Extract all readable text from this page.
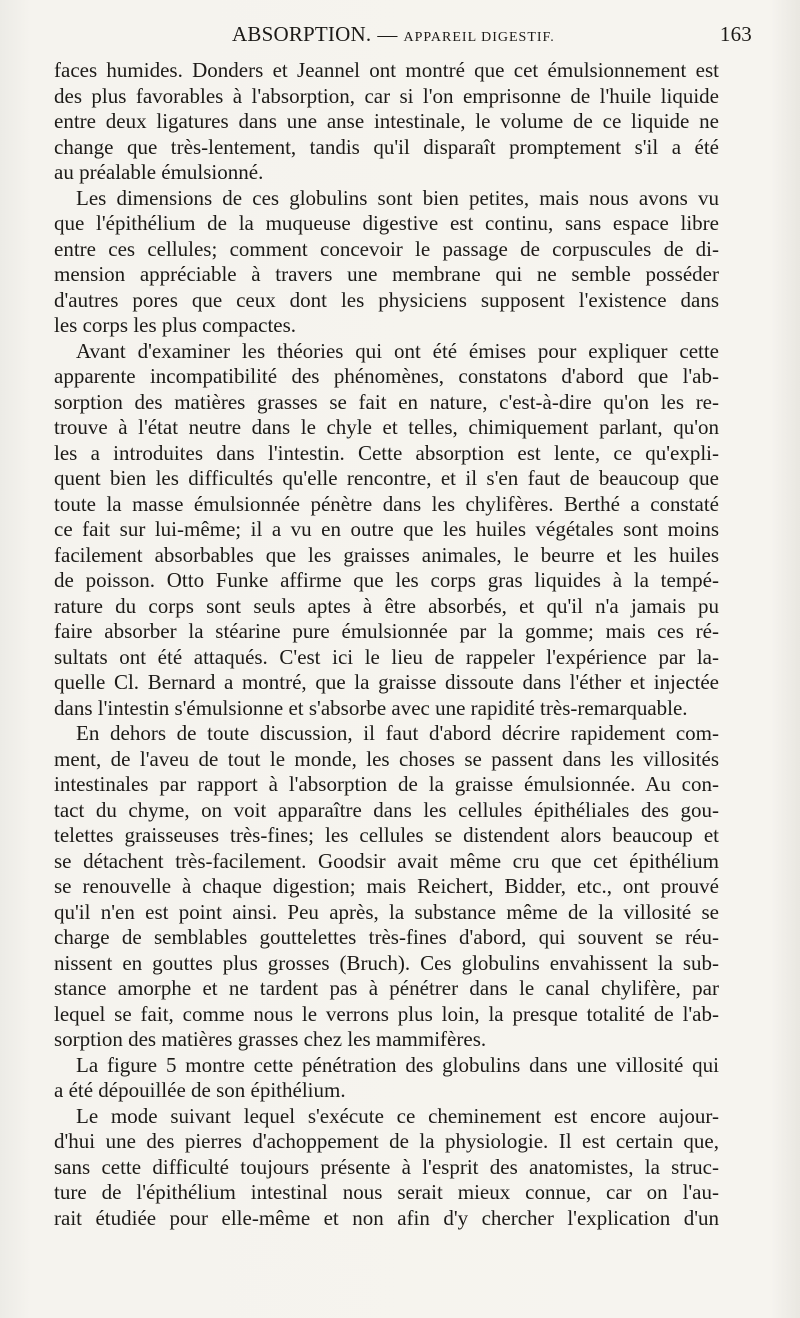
ABSORPTION. — APPAREIL DIGESTIF.	163
faces humides. Donders et Jeannel ont montré que cet émulsionnement est
des plus favorables à l'absorption, car si l'on emprisonne de l'huile liquide
entre deux ligatures dans une anse intestinale, le volume de ce liquide ne
change que très-lentement, tandis qu'il disparaît promptement s'il a été
au préalable émulsionné.
Les dimensions de ces globulins sont bien petites, mais nous avons vu
que l'épithélium de la muqueuse digestive est continu, sans espace libre
entre ces cellules; comment concevoir le passage de corpuscules de di-
mension appréciable à travers une membrane qui ne semble posséder
d'autres pores que ceux dont les physiciens supposent l'existence dans
les corps les plus compactes.
Avant d'examiner les théories qui ont été émises pour expliquer cette
apparente incompatibilité des phénomènes, constatons d'abord que l'ab-
sorption des matières grasses se fait en nature, c'est-à-dire qu'on les re-
trouve à l'état neutre dans le chyle et telles, chimiquement parlant, qu'on
les a introduites dans l'intestin. Cette absorption est lente, ce qu'expli-
quent bien les difficultés qu'elle rencontre, et il s'en faut de beaucoup que
toute la masse émulsionnée pénètre dans les chylifères. Berthé a constaté
ce fait sur lui-même; il a vu en outre que les huiles végétales sont moins
facilement absorbables que les graisses animales, le beurre et les huiles
de poisson. Otto Funke affirme que les corps gras liquides à la tempé-
rature du corps sont seuls aptes à être absorbés, et qu'il n'a jamais pu
faire absorber la stéarine pure émulsionnée par la gomme; mais ces ré-
sultats ont été attaqués. C'est ici le lieu de rappeler l'expérience par la-
quelle Cl. Bernard a montré, que la graisse dissoute dans l'éther et injectée
dans l'intestin s'émulsionne et s'absorbe avec une rapidité très-remarquable.
En dehors de toute discussion, il faut d'abord décrire rapidement com-
ment, de l'aveu de tout le monde, les choses se passent dans les villosités
intestinales par rapport à l'absorption de la graisse émulsionnée. Au con-
tact du chyme, on voit apparaître dans les cellules épithéliales des gou-
telettes graisseuses très-fines; les cellules se distendent alors beaucoup et
se détachent très-facilement. Goodsir avait même cru que cet épithélium
se renouvelle à chaque digestion; mais Reichert, Bidder, etc., ont prouvé
qu'il n'en est point ainsi. Peu après, la substance même de la villosité se
charge de semblables gouttelettes très-fines d'abord, qui souvent se réu-
nissent en gouttes plus grosses (Bruch). Ces globulins envahissent la sub-
stance amorphe et ne tardent pas à pénétrer dans le canal chylifère, par
lequel se fait, comme nous le verrons plus loin, la presque totalité de l'ab-
sorption des matières grasses chez les mammifères.
La figure 5 montre cette pénétration des globulins dans une villosité qui
a été dépouillée de son épithélium.
Le mode suivant lequel s'exécute ce cheminement est encore aujour-
d'hui une des pierres d'achoppement de la physiologie. Il est certain que,
sans cette difficulté toujours présente à l'esprit des anatomistes, la struc-
ture de l'épithélium intestinal nous serait mieux connue, car on l'au-
rait étudiée pour elle-même et non afin d'y chercher l'explication d'un
